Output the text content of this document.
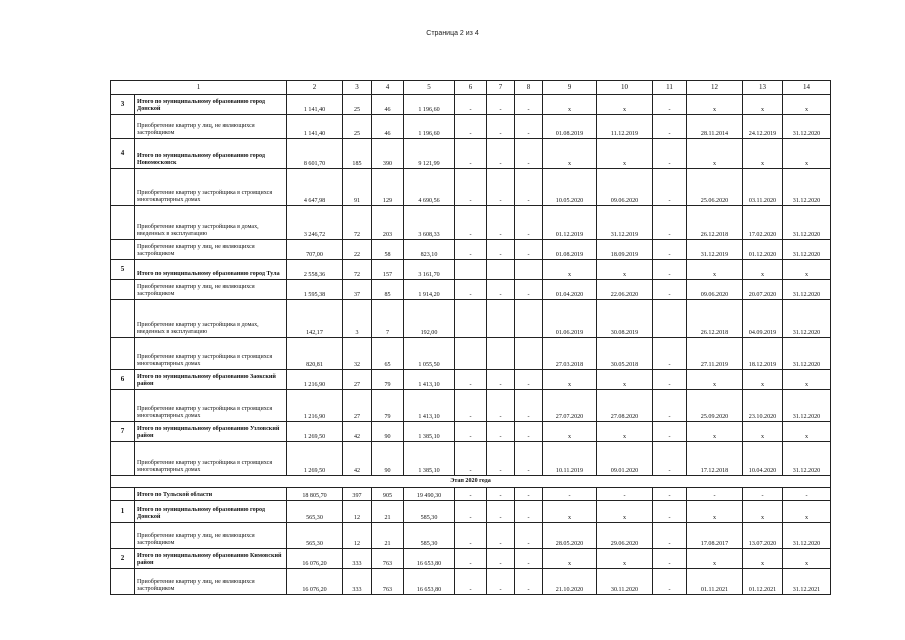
Страница 2 из 4
1		2	3	4	5	6	7	8	9	10	11	12	13	14
3	Итого по муниципальному образованию город Донской	1 141,40	25	46	1 196,60	-	-	-	x	x	-	x	x	x
	Приобретение квартир у лиц, не являющихся застройщиком	1 141,40	25	46	1 196,60	-	-	-	01.08.2019	11.12.2019	-	28.11.2014	24.12.2019	31.12.2020
4	Итого по муниципальному образованию город Новомосковск	8 601,70	185	390	9 121,99	-	-	-	x	x	-	x	x	x
	Приобретение квартир у застройщика в строящихся многоквартирных домах	4 647,98	91	129	4 690,56	-	-	-	10.05.2020	09.06.2020	-	25.06.2020	03.11.2020	31.12.2020
	Приобретение квартир у застройщика в домах, введенных в эксплуатацию	3 246,72	72	203	3 608,33	-	-	-	01.12.2019	31.12.2019	-	26.12.2018	17.02.2020	31.12.2020
	Приобретение квартир у лиц, не являющихся застройщиком	707,00	22	58	823,10	-	-	-	01.08.2019	18.09.2019	-	31.12.2019	01.12.2020	31.12.2020
5	Итого по муниципальному образованию город Тула	2 558,36	72	157	3 161,70				x	x	-	x	x	x
	Приобретение квартир у лиц, не являющихся застройщиком	1 595,38	37	85	1 914,20	-	-	-	01.04.2020	22.06.2020	-	09.06.2020	20.07.2020	31.12.2020
	Приобретение квартир у застройщика в домах, введенных в эксплуатацию	142,17	3	7	192,00				01.06.2019	30.08.2019		26.12.2018	04.09.2019	31.12.2020
	Приобретение квартир у застройщика в строящихся многоквартирных домах	820,81	32	65	1 055,50				27.03.2018	30.05.2018	-	27.11.2019	18.12.2019	31.12.2020
6	Итого по муниципальному образованию Заокский район	1 216,90	27	79	1 413,10	-	-	-	x	x	-	x	x	x
	Приобретение квартир у застройщика в строящихся многоквартирных домах	1 216,90	27	79	1 413,10	-	-	-	27.07.2020	27.08.2020	-	25.09.2020	23.10.2020	31.12.2020
7	Итого по муниципальному образованию Узловский район	1 269,50	42	90	1 385,10	-	-	-	x	x	-	x	x	x
	Приобретение квартир у застройщика в строящихся многоквартирных домах	1 269,50	42	90	1 385,10	-	-	-	10.11.2019	09.01.2020	-	17.12.2018	10.04.2020	31.12.2020
Этап 2020 года														
	Итого по Тульской области	18 805,70	397	905	19 490,30	-	-	-	-	-	-	-	-	-
1	Итого по муниципальному образованию город Донской	565,30	12	21	585,30	-	-	-	x	x	-	x	x	x
	Приобретение квартир у лиц, не являющихся застройщиком	565,30	12	21	585,30	-	-	-	28.05.2020	29.06.2020	-	17.08.2017	13.07.2020	31.12.2020
2	Итого по муниципальному образованию Кимовский район	16 076,20	333	763	16 653,80	-	-	-	x	x	-	x	x	x
	Приобретение квартир у лиц, не являющихся застройщиком	16 076,20	333	763	16 653,80	-	-	-	21.10.2020	30.11.2020	-	01.11.2021	01.12.2021	31.12.2021
